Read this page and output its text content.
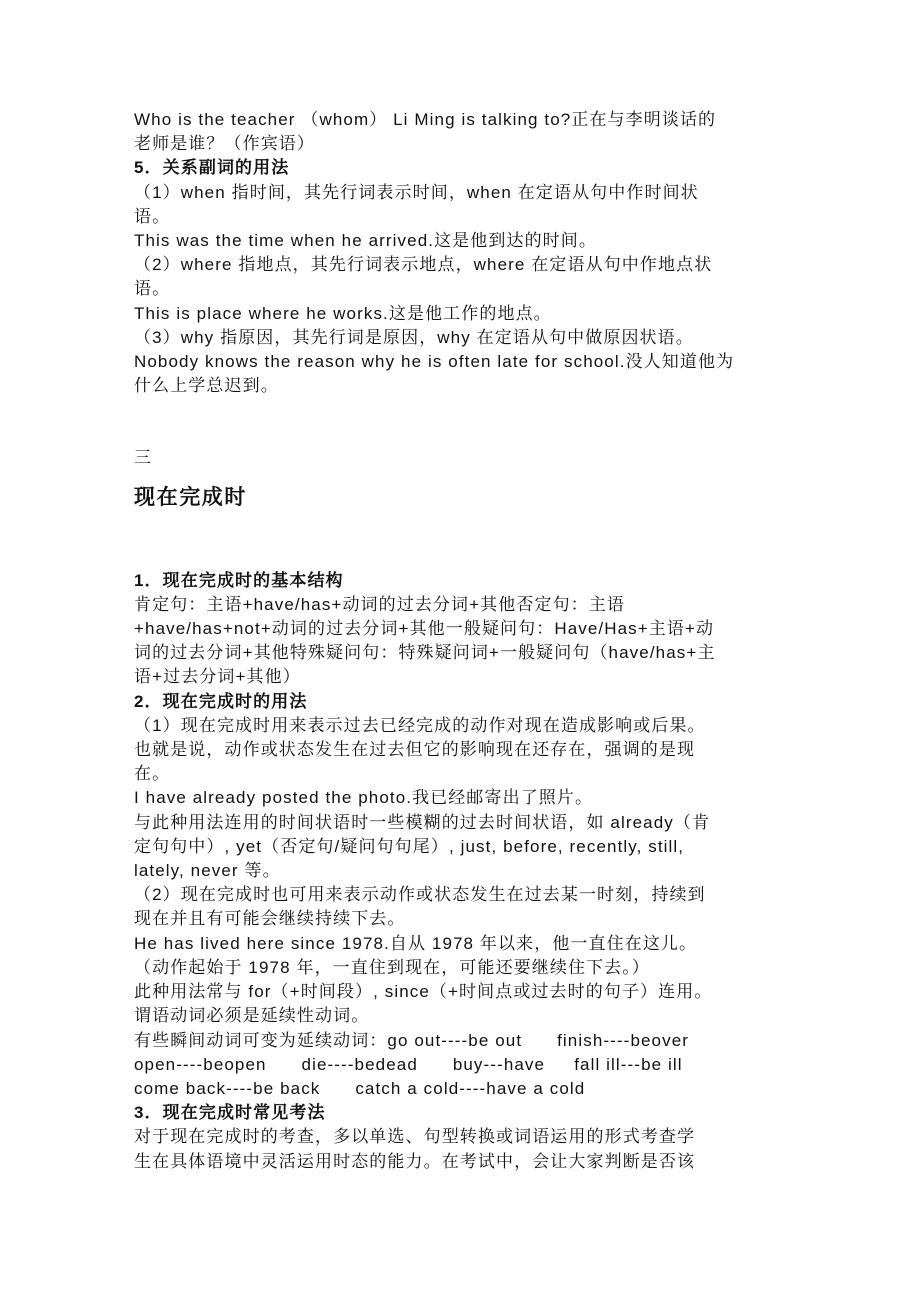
Who is the teacher （whom） Li Ming is talking to?正在与李明谈话的
老师是谁？（作宾语）
5．关系副词的用法
（1）when 指时间，其先行词表示时间，when 在定语从句中作时间状
语。
This was the time when he arrived.这是他到达的时间。
（2）where 指地点，其先行词表示地点，where 在定语从句中作地点状
语。
This is place where he works.这是他工作的地点。
（3）why 指原因，其先行词是原因，why 在定语从句中做原因状语。
Nobody knows the reason why he is often late for school.没人知道他为
什么上学总迟到。
三
现在完成时
1．现在完成时的基本结构
肯定句：主语+have/has+动词的过去分词+其他否定句：主语
+have/has+not+动词的过去分词+其他一般疑问句：Have/Has+主语+动
词的过去分词+其他特殊疑问句：特殊疑问词+一般疑问句（have/has+主
语+过去分词+其他）
2．现在完成时的用法
（1）现在完成时用来表示过去已经完成的动作对现在造成影响或后果。
也就是说，动作或状态发生在过去但它的影响现在还存在，强调的是现
在。
I have already posted the photo.我已经邮寄出了照片。
与此种用法连用的时间状语时一些模糊的过去时间状语，如 already（肯
定句句中）, yet（否定句/疑问句句尾）, just, before, recently, still,
lately, never 等。
（2）现在完成时也可用来表示动作或状态发生在过去某一时刻，持续到
现在并且有可能会继续持续下去。
He has lived here since 1978.自从 1978 年以来，他一直住在这儿。
（动作起始于 1978 年，一直住到现在，可能还要继续住下去。）
此种用法常与 for（+时间段）, since（+时间点或过去时的句子）连用。
谓语动词必须是延续性动词。
有些瞬间动词可变为延续动词：go out----be out      finish----beover
open----beopen      die----bedead      buy---have     fall ill---be ill
come back----be back      catch a cold----have a cold
3．现在完成时常见考法
对于现在完成时的考查，多以单选、句型转换或词语运用的形式考查学
生在具体语境中灵活运用时态的能力。在考试中，会让大家判断是否该
